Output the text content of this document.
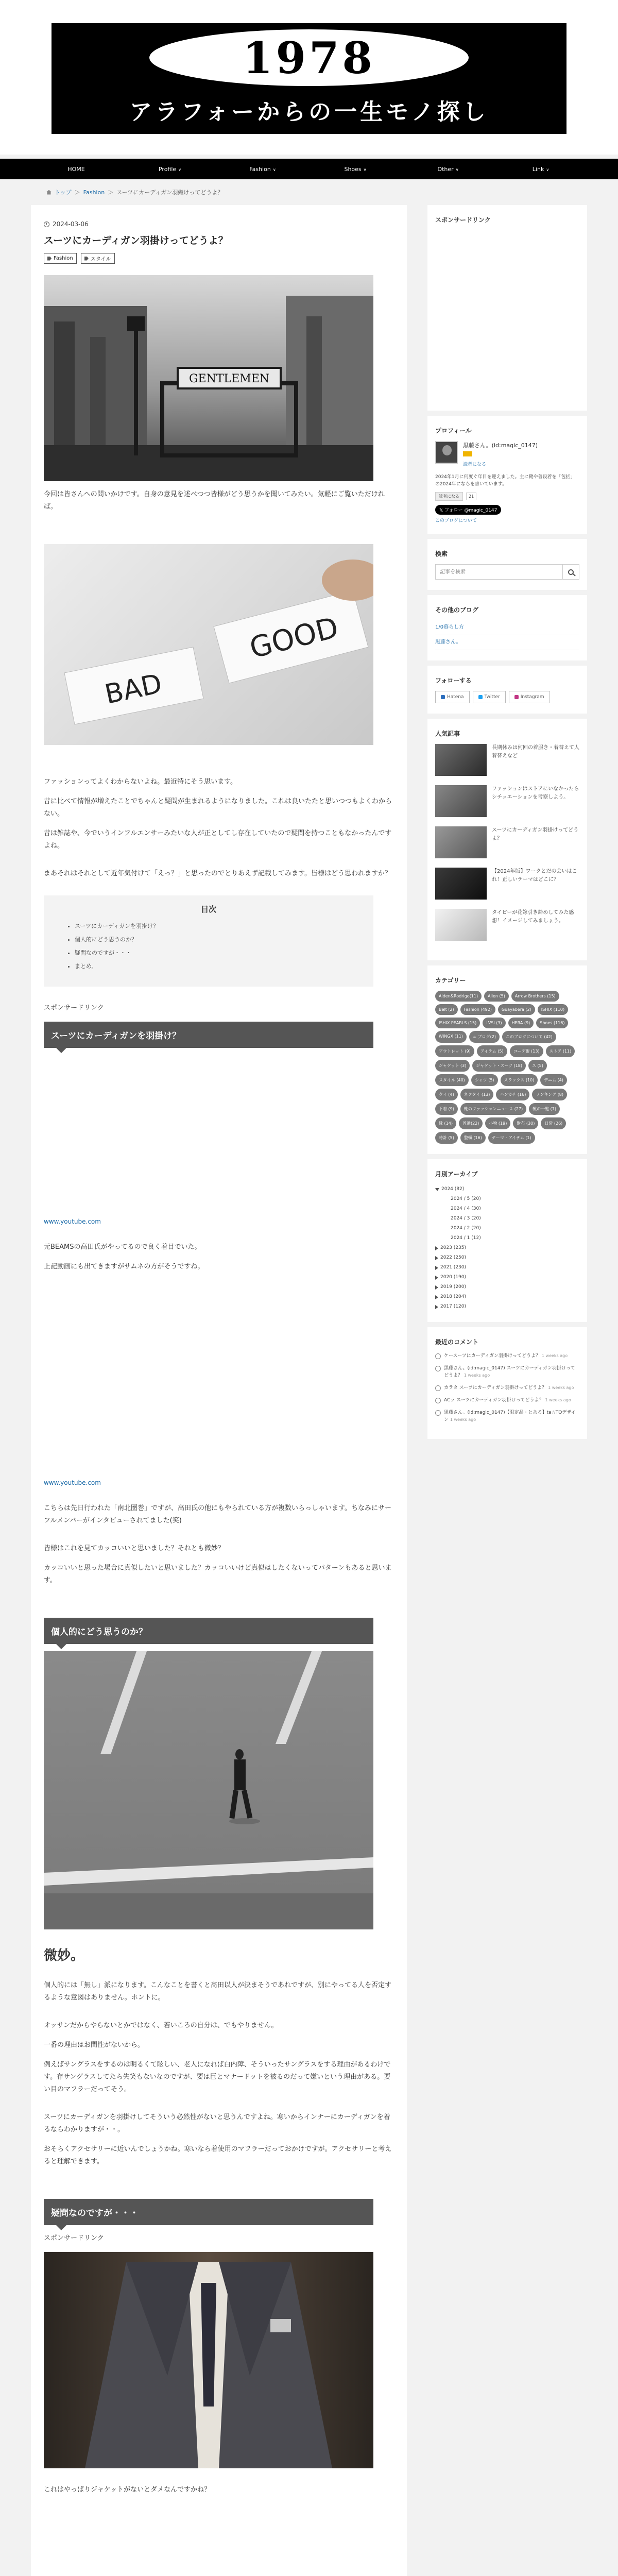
1978
アラフォーからの一生モノ探し
HOME	Profile ∨	Fashion ∨	Shoes ∨	Other ∨	Link ∨
トップ ＞ Fashion ＞ スーツにカーディガン羽織けってどうよ？
2024-03-06
スーツにカーディガン羽掛けってどうよ？
Fashion	スタイル
GENTLEMEN

今回は皆さんへの問いかけです。自身の意見を述べつつ皆様がどう思うかを聞いてみたい。気軽にご覧いただければ。

BAD
GOOD

ファッションってよくわからないよね。最近特にそう思います。

昔に比べて情報が増えたことでちゃんと疑問が生まれるようになりました。これは良いたたと思いつつもよくわからない。

昔は雑誌や、今でいうインフルエンサーみたいな人が正としてし存在していたので疑問を持つこともなかったんですよね。

まあそれはそれとして近年気付けて「えっ？」と思ったのでとりあえず記載してみます。皆様はどう思われますか？

目次
• スーツにカーディガンを羽掛け？
• 個人的にどう思うのか？
• 疑問なのですが・・・
• まとめ。

スポンサードリンク

スーツにカーディガンを羽掛け？
www.youtube.com

元BEAMSの高田氏がやってるので良く着目でいた。

上記動画にも出てきますがサムネの方がそうですね。

www.youtube.com

こちらは先日行われた「南北圏巻」ですが、高田氏の他にもやられている方が複数いらっしゃいます。ちなみにサーフルメンバーがインタビューされてました(笑)

皆様はこれを見てカッコいいと思いました？それとも微妙？

カッコいいと思った場合に真似したいと思いました？カッコいいけど真似はしたくないってパターンもあると思います。

個人的にどう思うのか？

微妙。

個人的には「無し」派になります。こんなことを書くと髙田以人が決まそうであれですが、別にやってる人を否定するような意図はありません。ホントに。

オッサンだからやらないとかではなく、若いころの自分は、でもやりません。

一番の理由はお間性がないから。

例えばサングラスをするのは明るくて眩しい、老人になれば白内障、そういったサングラスをする理由があるわけです。存サングラスしてたら失笑もないなのですが、要は巨とマナードットを被るのだって嫌いという理由がある。要い目のマフラーだってそう。

スーツにカーディガンを羽掛けしてそういう必然性がないと思うんですよね。寒いからインナーにカーディガンを着るならわかりますが・・。

おそらくアクセサリーに近いんでしょうかね。寒いなら着使用のマフラーだっておかけですが。アクセサリーと考えると理解できます。

疑問なのですが・・・

スポンサードリンク

これはやっぱりジャケットがないとダメなんですかね？

スポンサードリンク
プロフィール
黒藤さん。(id:magic_0147)
読者になる

2024年1月に何度ぐ年目を迎えました。主に靴や普段着を「包括」の2024年にならを書いています。

読者になる	21
𝕏 フォロー @magic_0147
このブログについて
検索
記事を検索
その他のブログ
1/0暮らし方
黒藤さん。
フォローする
Hatena	Twitter	Instagram
人気記事
長期休みは何回の着服き・着替えて人着替えなど
ファッションはストアにいなかったらシチュエーションを考察しよう。
スーツにカーディガン羽掛けってどうよ？
【2024年版】ワークとだの会いはこれ！正しいテーマはどこに？
タイピーが花嫁引き締めしてみた感想！イメージしてみましょう。
カテゴリー
Aiden&Rodrigo(11)	Allen (5)	Arrow Brothers (15)
Belt (2)	Fashion (492)	Guayabera (2)	ISHIX (110)
ISHIX PEARLS (15)	LVSI (3)	HERA (9)	Shoes (116)
WINGX (11)	☕ ブログ(2)	このブログについて (42)
アウトレット (9)	アイテム (5)	コーデ術 (13)	ストア (11)
ジャケット (3)	ジャケット・スーツ (18)	ス (5)
スタイル (40)	シャツ (5)	スラックス (10)	デニム (4)
タイ (4)	ネクタイ (13)	ハンカチ (16)	ランキング (8)
下着 (9)	靴のファッションニュース (27)	靴の一覧 (7)
靴 (14)	普通(22)	小物 (19)	財布 (30)	日常 (26)
時計 (5)	整頓 (16)	テーマ・アイテム (1)
月別アーカイブ
2024 (82)
2024 / 5 (20)
2024 / 4 (30)
2024 / 3 (20)
2024 / 2 (20)
2024 / 1 (12)
2023 (235)
2022 (250)
2021 (230)
2020 (190)
2019 (200)
2018 (204)
2017 (120)
最近のコメント
ケースーツにカーディガン羽掛けってどうよ？ 1 weeks ago
黒藤さん。(id:magic_0147) スーツにカーディガン羽掛けってどうよ？ 1 weeks ago
カラタ スーツにカーディガン羽掛けってどうよ？ 1 weeks ago
ACラ スーツにカーディガン羽掛けってどうよ？ 1 weeks ago
黒藤さん。(id:magic_0147)【限定品・とある】ta☆TOデザイン 1 weeks ago
